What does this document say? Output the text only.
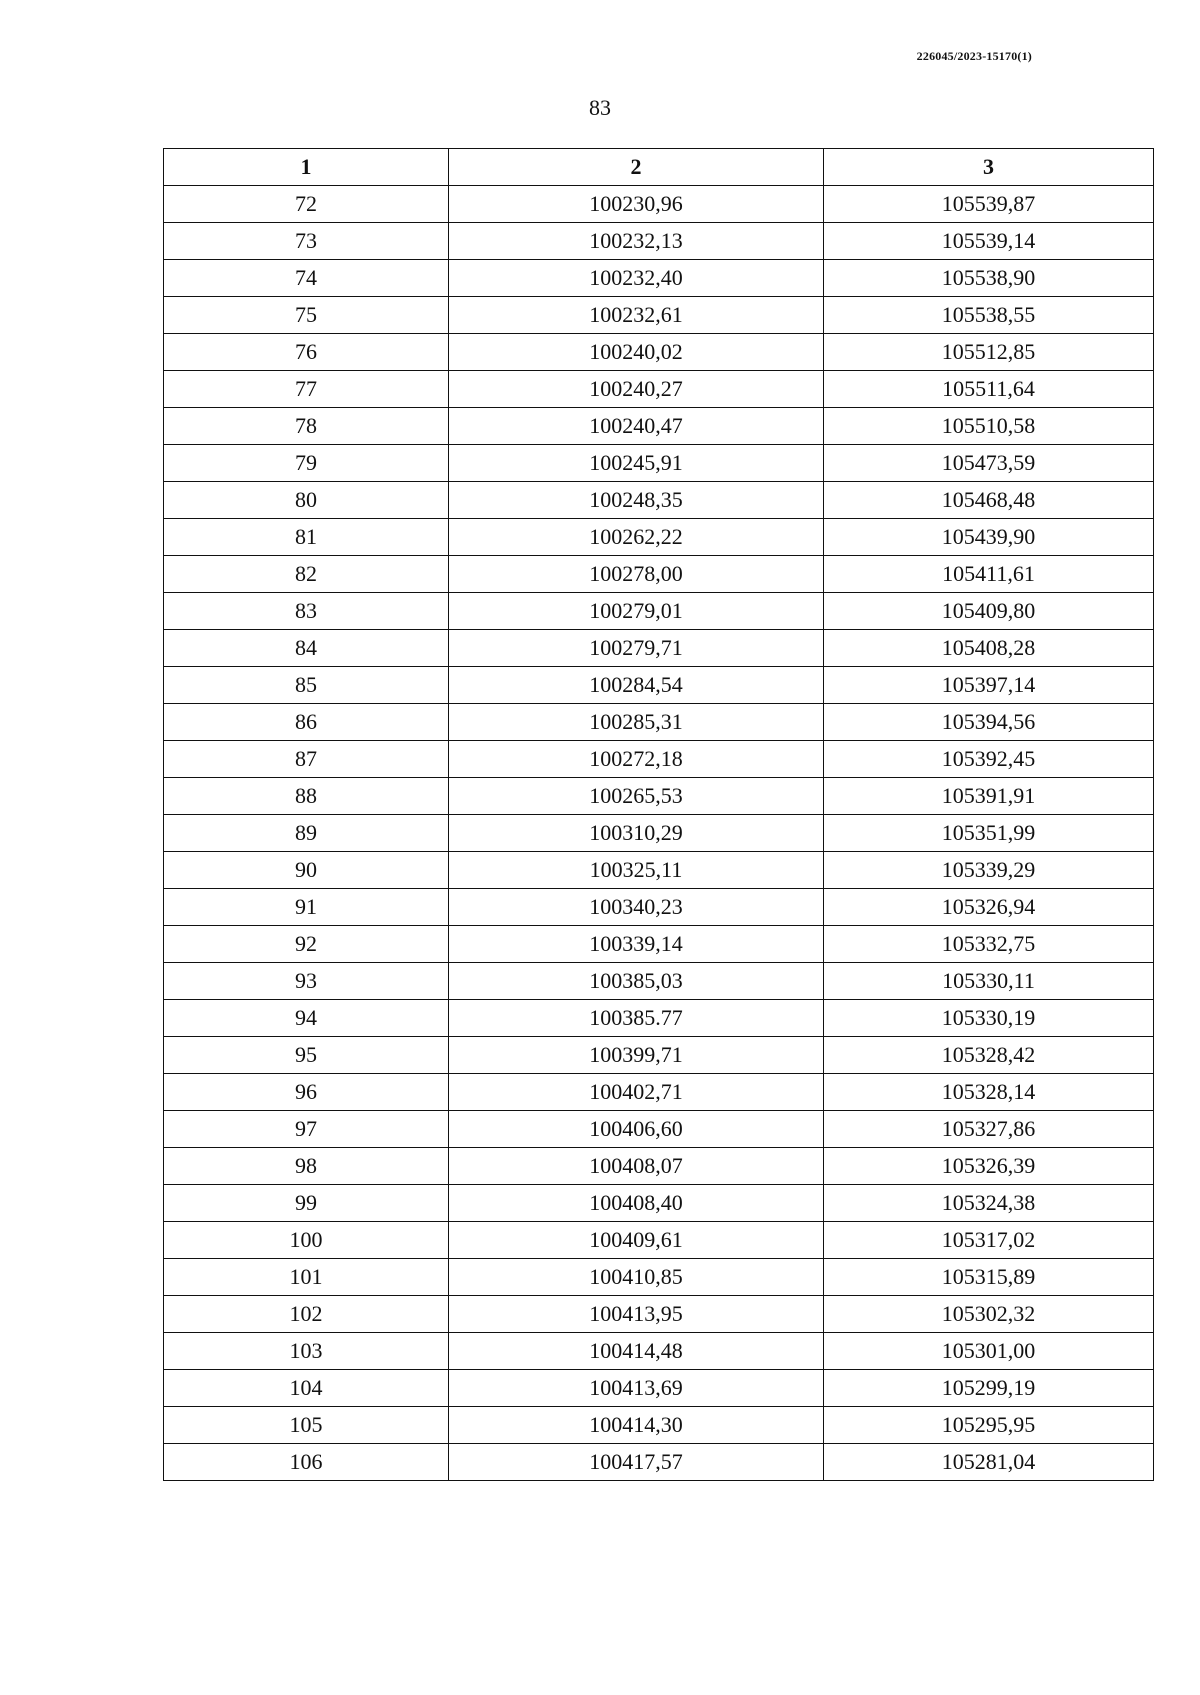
226045/2023-15170(1)
83
1	2	3
72	100230,96	105539,87
73	100232,13	105539,14
74	100232,40	105538,90
75	100232,61	105538,55
76	100240,02	105512,85
77	100240,27	105511,64
78	100240,47	105510,58
79	100245,91	105473,59
80	100248,35	105468,48
81	100262,22	105439,90
82	100278,00	105411,61
83	100279,01	105409,80
84	100279,71	105408,28
85	100284,54	105397,14
86	100285,31	105394,56
87	100272,18	105392,45
88	100265,53	105391,91
89	100310,29	105351,99
90	100325,11	105339,29
91	100340,23	105326,94
92	100339,14	105332,75
93	100385,03	105330,11
94	100385.77	105330,19
95	100399,71	105328,42
96	100402,71	105328,14
97	100406,60	105327,86
98	100408,07	105326,39
99	100408,40	105324,38
100	100409,61	105317,02
101	100410,85	105315,89
102	100413,95	105302,32
103	100414,48	105301,00
104	100413,69	105299,19
105	100414,30	105295,95
106	100417,57	105281,04
